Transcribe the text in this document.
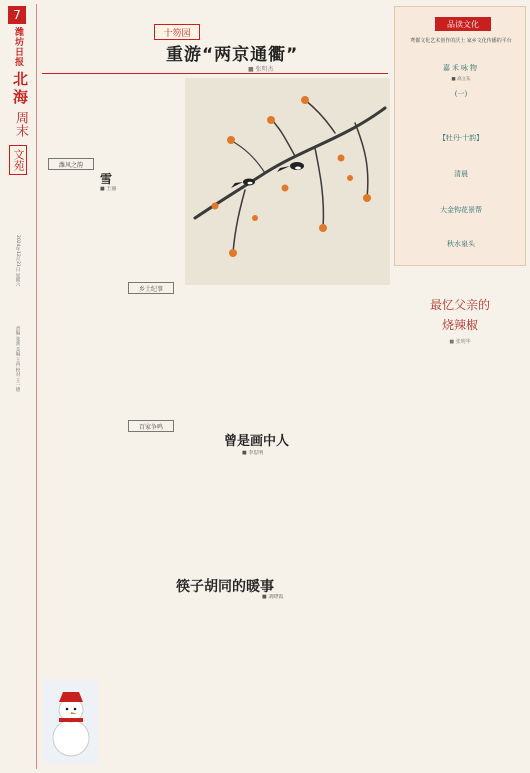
7
潍坊日报
北海
周末
文苑
2024年12月21日 星期六
责编 张蕾 美编 王冉 校对 王一德
十笏园
重游“两京通衢”
■ 张明杰
潍风之韵
雪
■ 王丽
乡土纪事
百家争鸣
曾是画中人
■ 李思明
筷子胡同的暖事
■ 刘晓霞
品读文化
鸢都文化艺术创作的沃土 家乡文化传播的平台
嘉禾咏物
■ 高立东
(一)
【牡丹·十韵】
清晨
大金钩花景帮
秋水泉头
最忆父亲的
烧辣椒
■ 张明华
